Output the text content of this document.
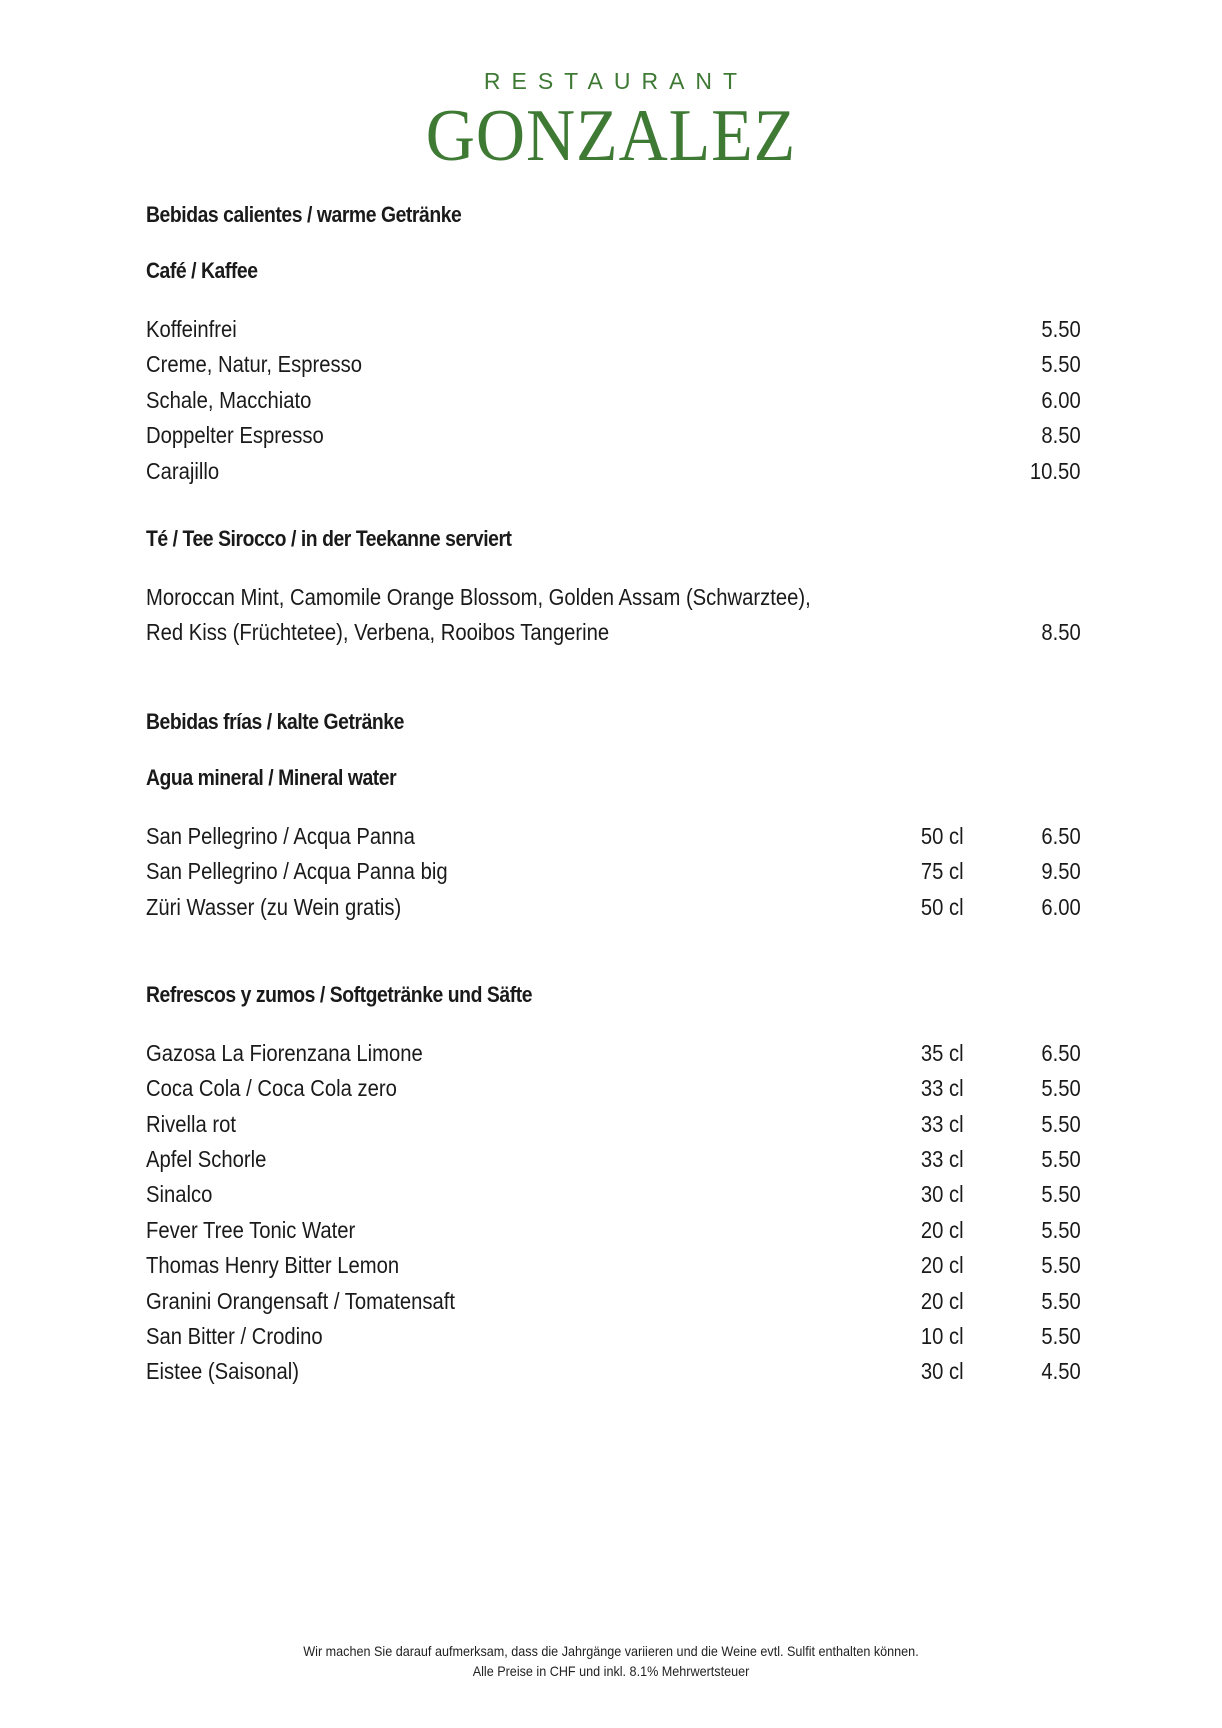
RESTAURANT
GONZALEZ
Bebidas calientes / warme Getränke
Café / Kaffee
Koffeinfrei	5.50
Creme, Natur, Espresso	5.50
Schale, Macchiato	6.00
Doppelter Espresso	8.50
Carajillo	10.50
Té / Tee Sirocco / in der Teekanne serviert
Moroccan Mint, Camomile Orange Blossom, Golden Assam (Schwarztee),
Red Kiss (Früchtetee), Verbena, Rooibos Tangerine	8.50
Bebidas frías / kalte Getränke
Agua mineral / Mineral water
San Pellegrino / Acqua Panna	50 cl	6.50
San Pellegrino / Acqua Panna big	75 cl	9.50
Züri Wasser (zu Wein gratis)	50 cl	6.00
Refrescos y zumos / Softgetränke und Säfte
Gazosa La Fiorenzana Limone	35 cl	6.50
Coca Cola / Coca Cola zero	33 cl	5.50
Rivella rot	33 cl	5.50
Apfel Schorle	33 cl	5.50
Sinalco	30 cl	5.50
Fever Tree Tonic Water	20 cl	5.50
Thomas Henry Bitter Lemon	20 cl	5.50
Granini Orangensaft / Tomatensaft	20 cl	5.50
San Bitter / Crodino	10 cl	5.50
Eistee (Saisonal)	30 cl	4.50
Wir machen Sie darauf aufmerksam, dass die Jahrgänge variieren und die Weine evtl. Sulfit enthalten können.
Alle Preise in CHF und inkl. 8.1% Mehrwertsteuer
